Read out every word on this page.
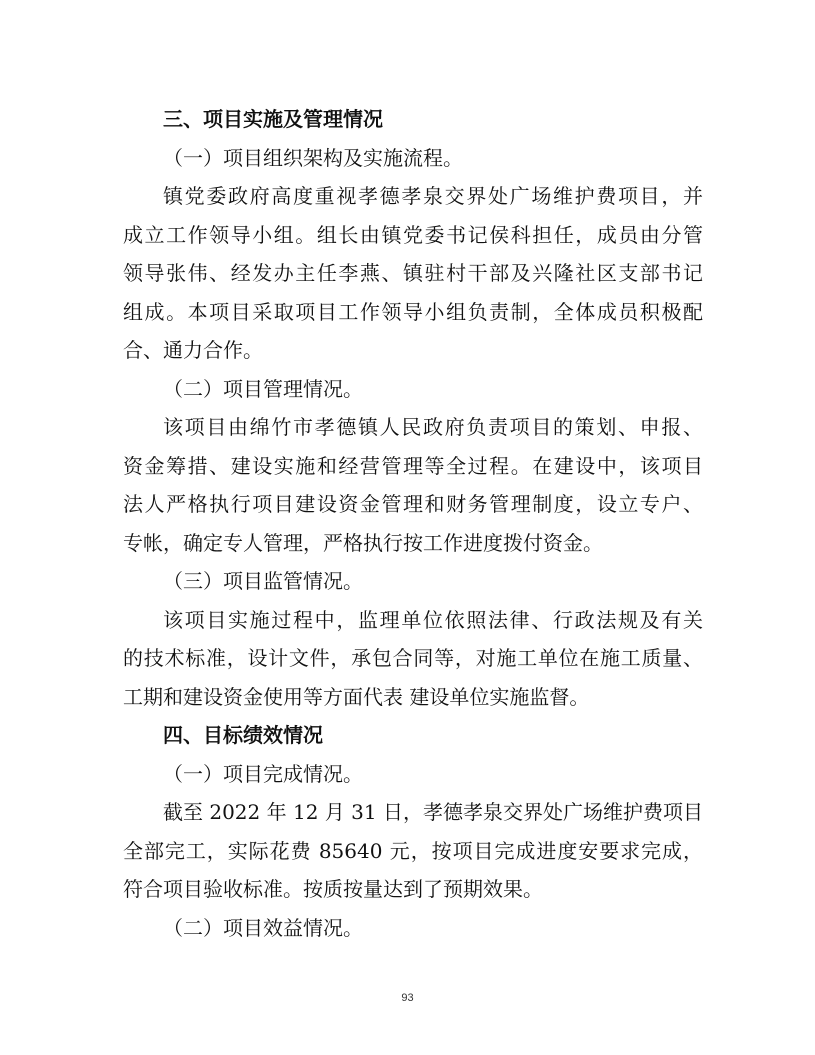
三、项目实施及管理情况
（一）项目组织架构及实施流程。
镇党委政府高度重视孝德孝泉交界处广场维护费项目，并
成立工作领导小组。组长由镇党委书记侯科担任，成员由分管
领导张伟、经发办主任李燕、镇驻村干部及兴隆社区支部书记
组成。本项目采取项目工作领导小组负责制，全体成员积极配
合、通力合作。
（二）项目管理情况。
该项目由绵竹市孝德镇人民政府负责项目的策划、申报、
资金筹措、建设实施和经营管理等全过程。在建设中，该项目
法人严格执行项目建设资金管理和财务管理制度，设立专户、
专帐，确定专人管理，严格执行按工作进度拨付资金。
（三）项目监管情况。
该项目实施过程中，监理单位依照法律、行政法规及有关
的技术标准，设计文件，承包合同等，对施工单位在施工质量、
工期和建设资金使用等方面代表 建设单位实施监督。
四、目标绩效情况
（一）项目完成情况。
截至 2022 年 12 月 31 日，孝德孝泉交界处广场维护费项目
全部完工，实际花费 85640 元，按项目完成进度安要求完成，
符合项目验收标准。按质按量达到了预期效果。
（二）项目效益情况。
93
